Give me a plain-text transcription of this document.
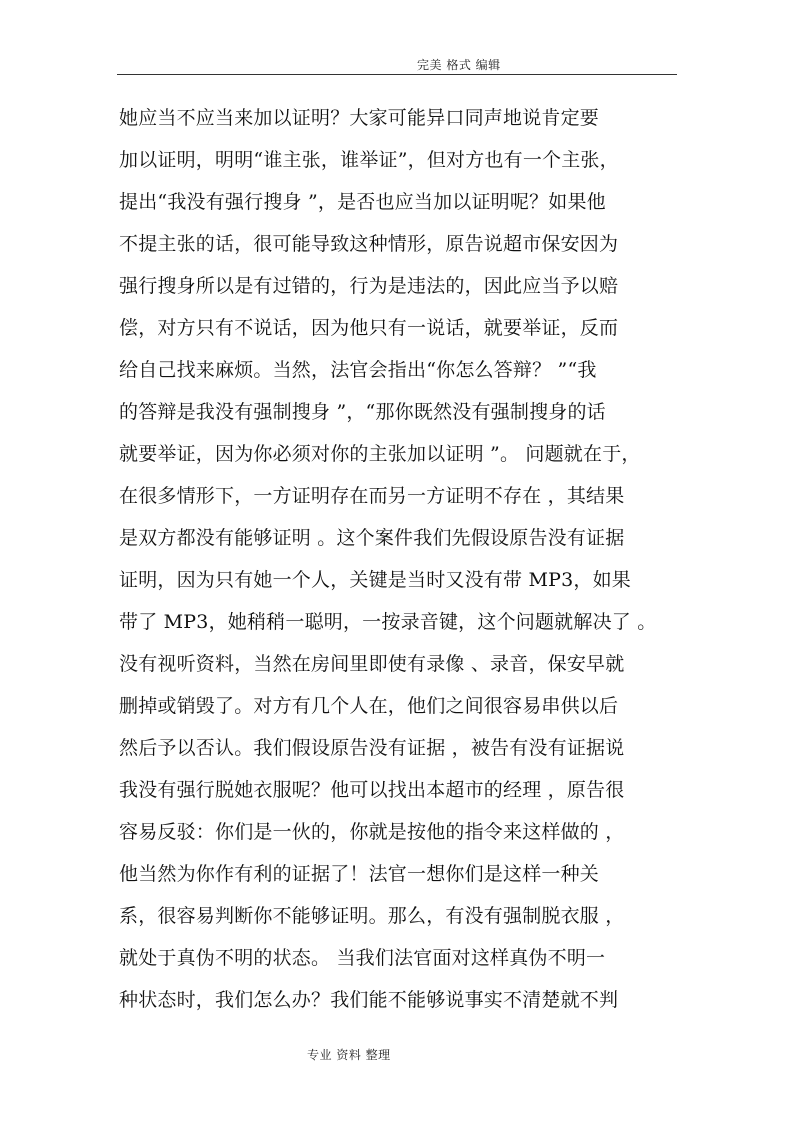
完美 格式 编辑
她应当不应当来加以证明？大家可能异口同声地说肯定要
加以证明，明明“谁主张，谁举证”，但对方也有一个主张，
提出“我没有强行搜身 ”，是否也应当加以证明呢？如果他
不提主张的话，很可能导致这种情形，原告说超市保安因为
强行搜身所以是有过错的，行为是违法的，因此应当予以赔
偿，对方只有不说话，因为他只有一说话，就要举证，反而
给自己找来麻烦。当然，法官会指出“你怎么答辩？ ”“我
的答辩是我没有强制搜身 ”，“那你既然没有强制搜身的话
就要举证，因为你必须对你的主张加以证明 ”。 问题就在于，
在很多情形下，一方证明存在而另一方证明不存在 ，其结果
是双方都没有能够证明 。这个案件我们先假设原告没有证据
证明，因为只有她一个人，关键是当时又没有带 MP3，如果
带了 MP3，她稍稍一聪明，一按录音键，这个问题就解决了 。
没有视听资料，当然在房间里即使有录像 、录音，保安早就
删掉或销毁了。对方有几个人在，他们之间很容易串供以后
然后予以否认。我们假设原告没有证据 ，被告有没有证据说
我没有强行脱她衣服呢？他可以找出本超市的经理 ，原告很
容易反驳：你们是一伙的，你就是按他的指令来这样做的 ，
他当然为你作有利的证据了！法官一想你们是这样一种关
系，很容易判断你不能够证明。那么，有没有强制脱衣服 ，
就处于真伪不明的状态。 当我们法官面对这样真伪不明一
种状态时，我们怎么办？我们能不能够说事实不清楚就不判
专业 资料 整理
